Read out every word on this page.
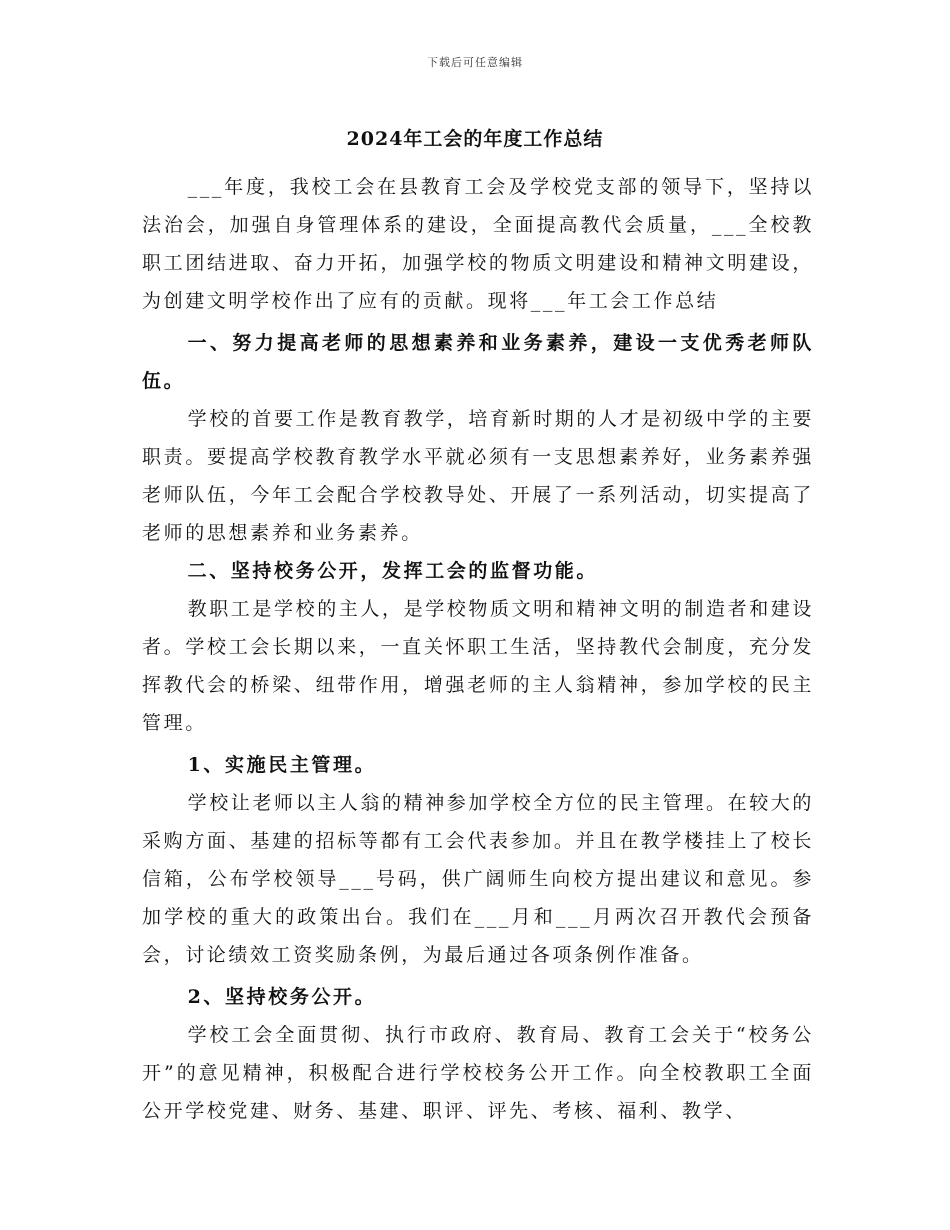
下载后可任意编辑
2024年工会的年度工作总结

___年度，我校工会在县教育工会及学校党支部的领导下，坚持以法治会，加强自身管理体系的建设，全面提高教代会质量，___全校教职工团结进取、奋力开拓，加强学校的物质文明建设和精神文明建设，为创建文明学校作出了应有的贡献。现将___年工会工作总结

一、努力提高老师的思想素养和业务素养，建设一支优秀老师队伍。

学校的首要工作是教育教学，培育新时期的人才是初级中学的主要职责。要提高学校教育教学水平就必须有一支思想素养好，业务素养强老师队伍，今年工会配合学校教导处、开展了一系列活动，切实提高了老师的思想素养和业务素养。

二、坚持校务公开，发挥工会的监督功能。

教职工是学校的主人，是学校物质文明和精神文明的制造者和建设者。学校工会长期以来，一直关怀职工生活，坚持教代会制度，充分发挥教代会的桥梁、纽带作用，增强老师的主人翁精神，参加学校的民主管理。

1、实施民主管理。

学校让老师以主人翁的精神参加学校全方位的民主管理。在较大的采购方面、基建的招标等都有工会代表参加。并且在教学楼挂上了校长信箱，公布学校领导___号码，供广阔师生向校方提出建议和意见。参加学校的重大的政策出台。我们在___月和___月两次召开教代会预备会，讨论绩效工资奖励条例，为最后通过各项条例作准备。

2、坚持校务公开。

学校工会全面贯彻、执行市政府、教育局、教育工会关于“校务公开”的意见精神，积极配合进行学校校务公开工作。向全校教职工全面公开学校党建、财务、基建、职评、评先、考核、福利、教学、
